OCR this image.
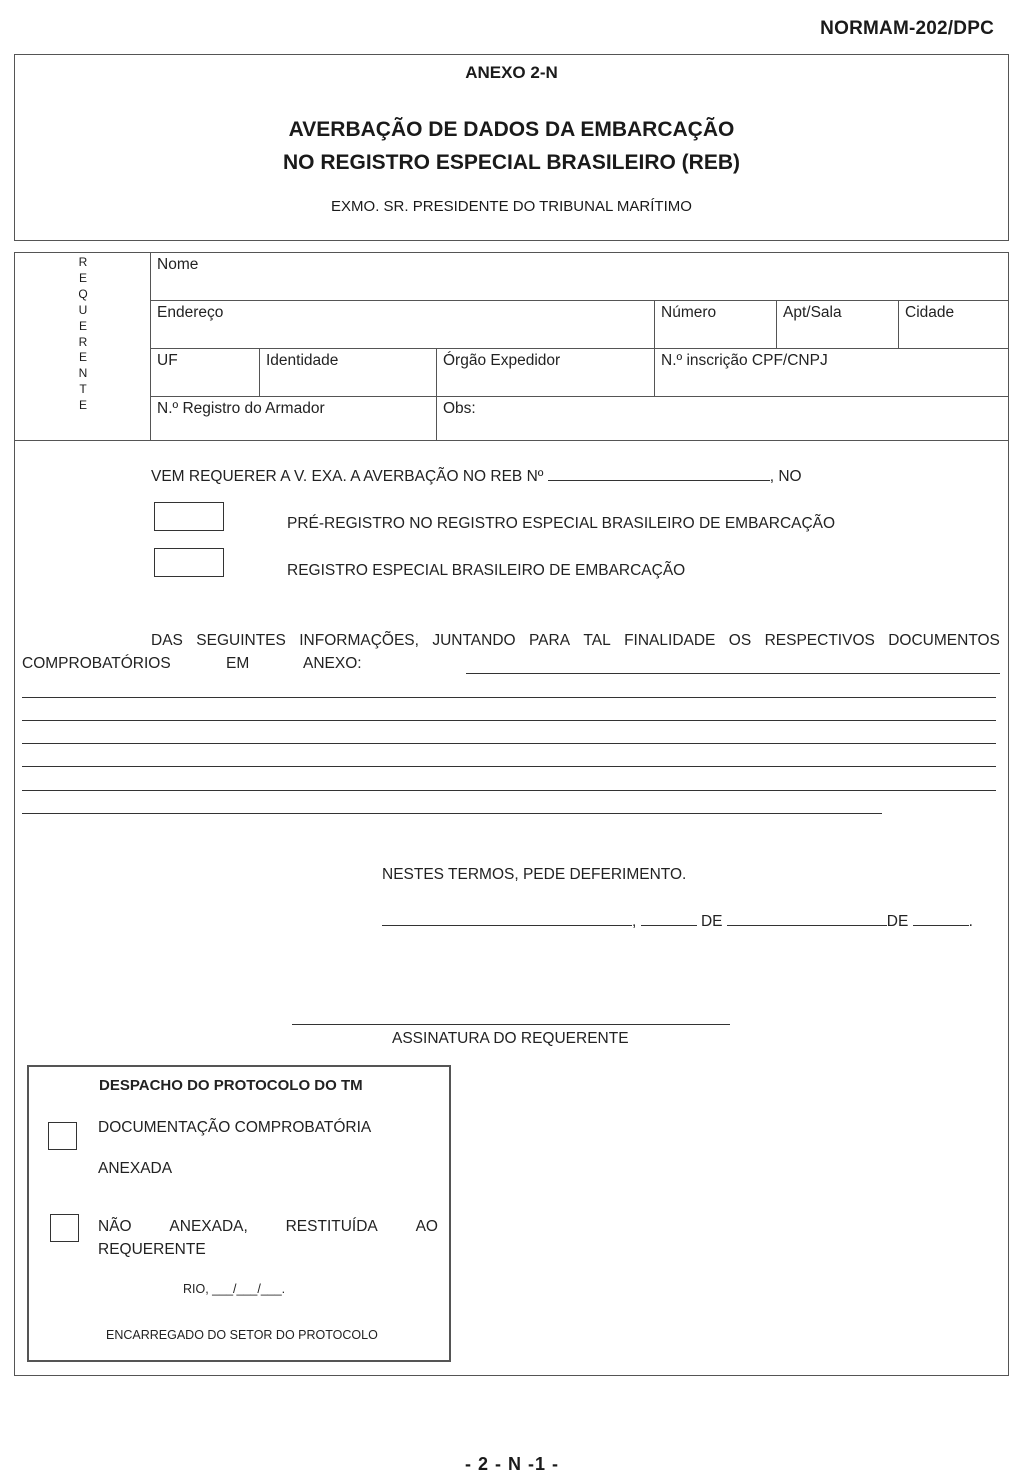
NORMAM-202/DPC
ANEXO 2-N
AVERBAÇÃO DE DADOS DA EMBARCAÇÃO
NO REGISTRO ESPECIAL BRASILEIRO (REB)
EXMO. SR. PRESIDENTE DO TRIBUNAL MARÍTIMO
R
E
Q
U
E
R
E
N
T
E
Nome
Endereço	Número	Apt/Sala	Cidade
UF	Identidade	Órgão Expedidor	N.º inscrição CPF/CNPJ
N.º Registro do Armador	Obs:
VEM REQUERER A V. EXA. A AVERBAÇÃO NO REB Nº	, NO
PRÉ-REGISTRO NO REGISTRO ESPECIAL BRASILEIRO DE EMBARCAÇÃO
REGISTRO ESPECIAL BRASILEIRO DE EMBARCAÇÃO
DAS SEGUINTES INFORMAÇÕES, JUNTANDO PARA TAL FINALIDADE OS RESPECTIVOS DOCUMENTOS
COMPROBATÓRIOS	EM	ANEXO:
NESTES TERMOS, PEDE DEFERIMENTO.
,	DE	DE	.
ASSINATURA DO REQUERENTE
DESPACHO DO PROTOCOLO DO TM
DOCUMENTAÇÃO COMPROBATÓRIA
ANEXADA
NÃO ANEXADA, RESTITUÍDA AO
REQUERENTE
RIO, ___/___/___.
ENCARREGADO DO SETOR DO PROTOCOLO
- 2 - N -1 -
